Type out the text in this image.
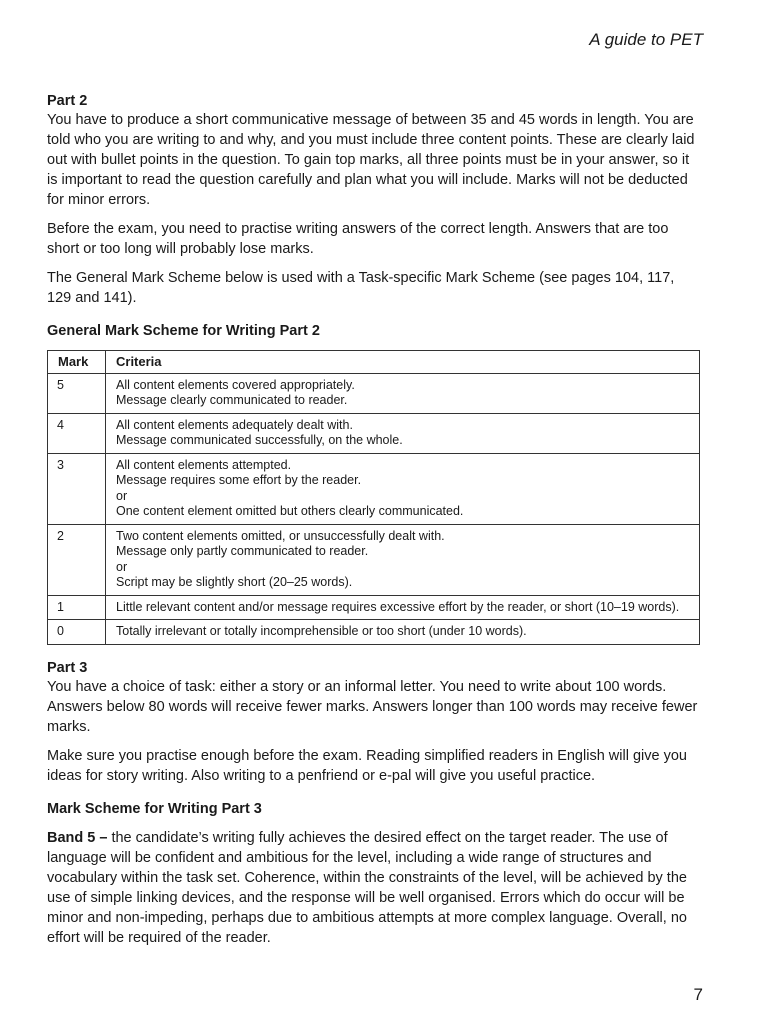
A guide to PET
Part 2

You have to produce a short communicative message of between 35 and 45 words in length. You are told who you are writing to and why, and you must include three content points. These are clearly laid out with bullet points in the question. To gain top marks, all three points must be in your answer, so it is important to read the question carefully and plan what you will include. Marks will not be deducted for minor errors.

Before the exam, you need to practise writing answers of the correct length. Answers that are too short or too long will probably lose marks.

The General Mark Scheme below is used with a Task-specific Mark Scheme (see pages 104, 117, 129 and 141).

General Mark Scheme for Writing Part 2
Mark	Criteria
5	All content elements covered appropriately.
Message clearly communicated to reader.

4	All content elements adequately dealt with.
Message communicated successfully, on the whole.

3	All content elements attempted.
Message requires some effort by the reader.
or
One content element omitted but others clearly communicated.

2	Two content elements omitted, or unsuccessfully dealt with.
Message only partly communicated to reader.
or
Script may be slightly short (20–25 words).

1	Little relevant content and/or message requires excessive effort by the reader, or short (10–19 words).

0	Totally irrelevant or totally incomprehensible or too short (under 10 words).
Part 3

You have a choice of task: either a story or an informal letter. You need to write about 100 words. Answers below 80 words will receive fewer marks. Answers longer than 100 words may receive fewer marks.

Make sure you practise enough before the exam. Reading simplified readers in English will give you ideas for story writing. Also writing to a penfriend or e-pal will give you useful practice.

Mark Scheme for Writing Part 3

Band 5 – the candidate’s writing fully achieves the desired effect on the target reader. The use of language will be confident and ambitious for the level, including a wide range of structures and vocabulary within the task set. Coherence, within the constraints of the level, will be achieved by the use of simple linking devices, and the response will be well organised. Errors which do occur will be minor and non-impeding, perhaps due to ambitious attempts at more complex language. Overall, no effort will be required of the reader.

7
